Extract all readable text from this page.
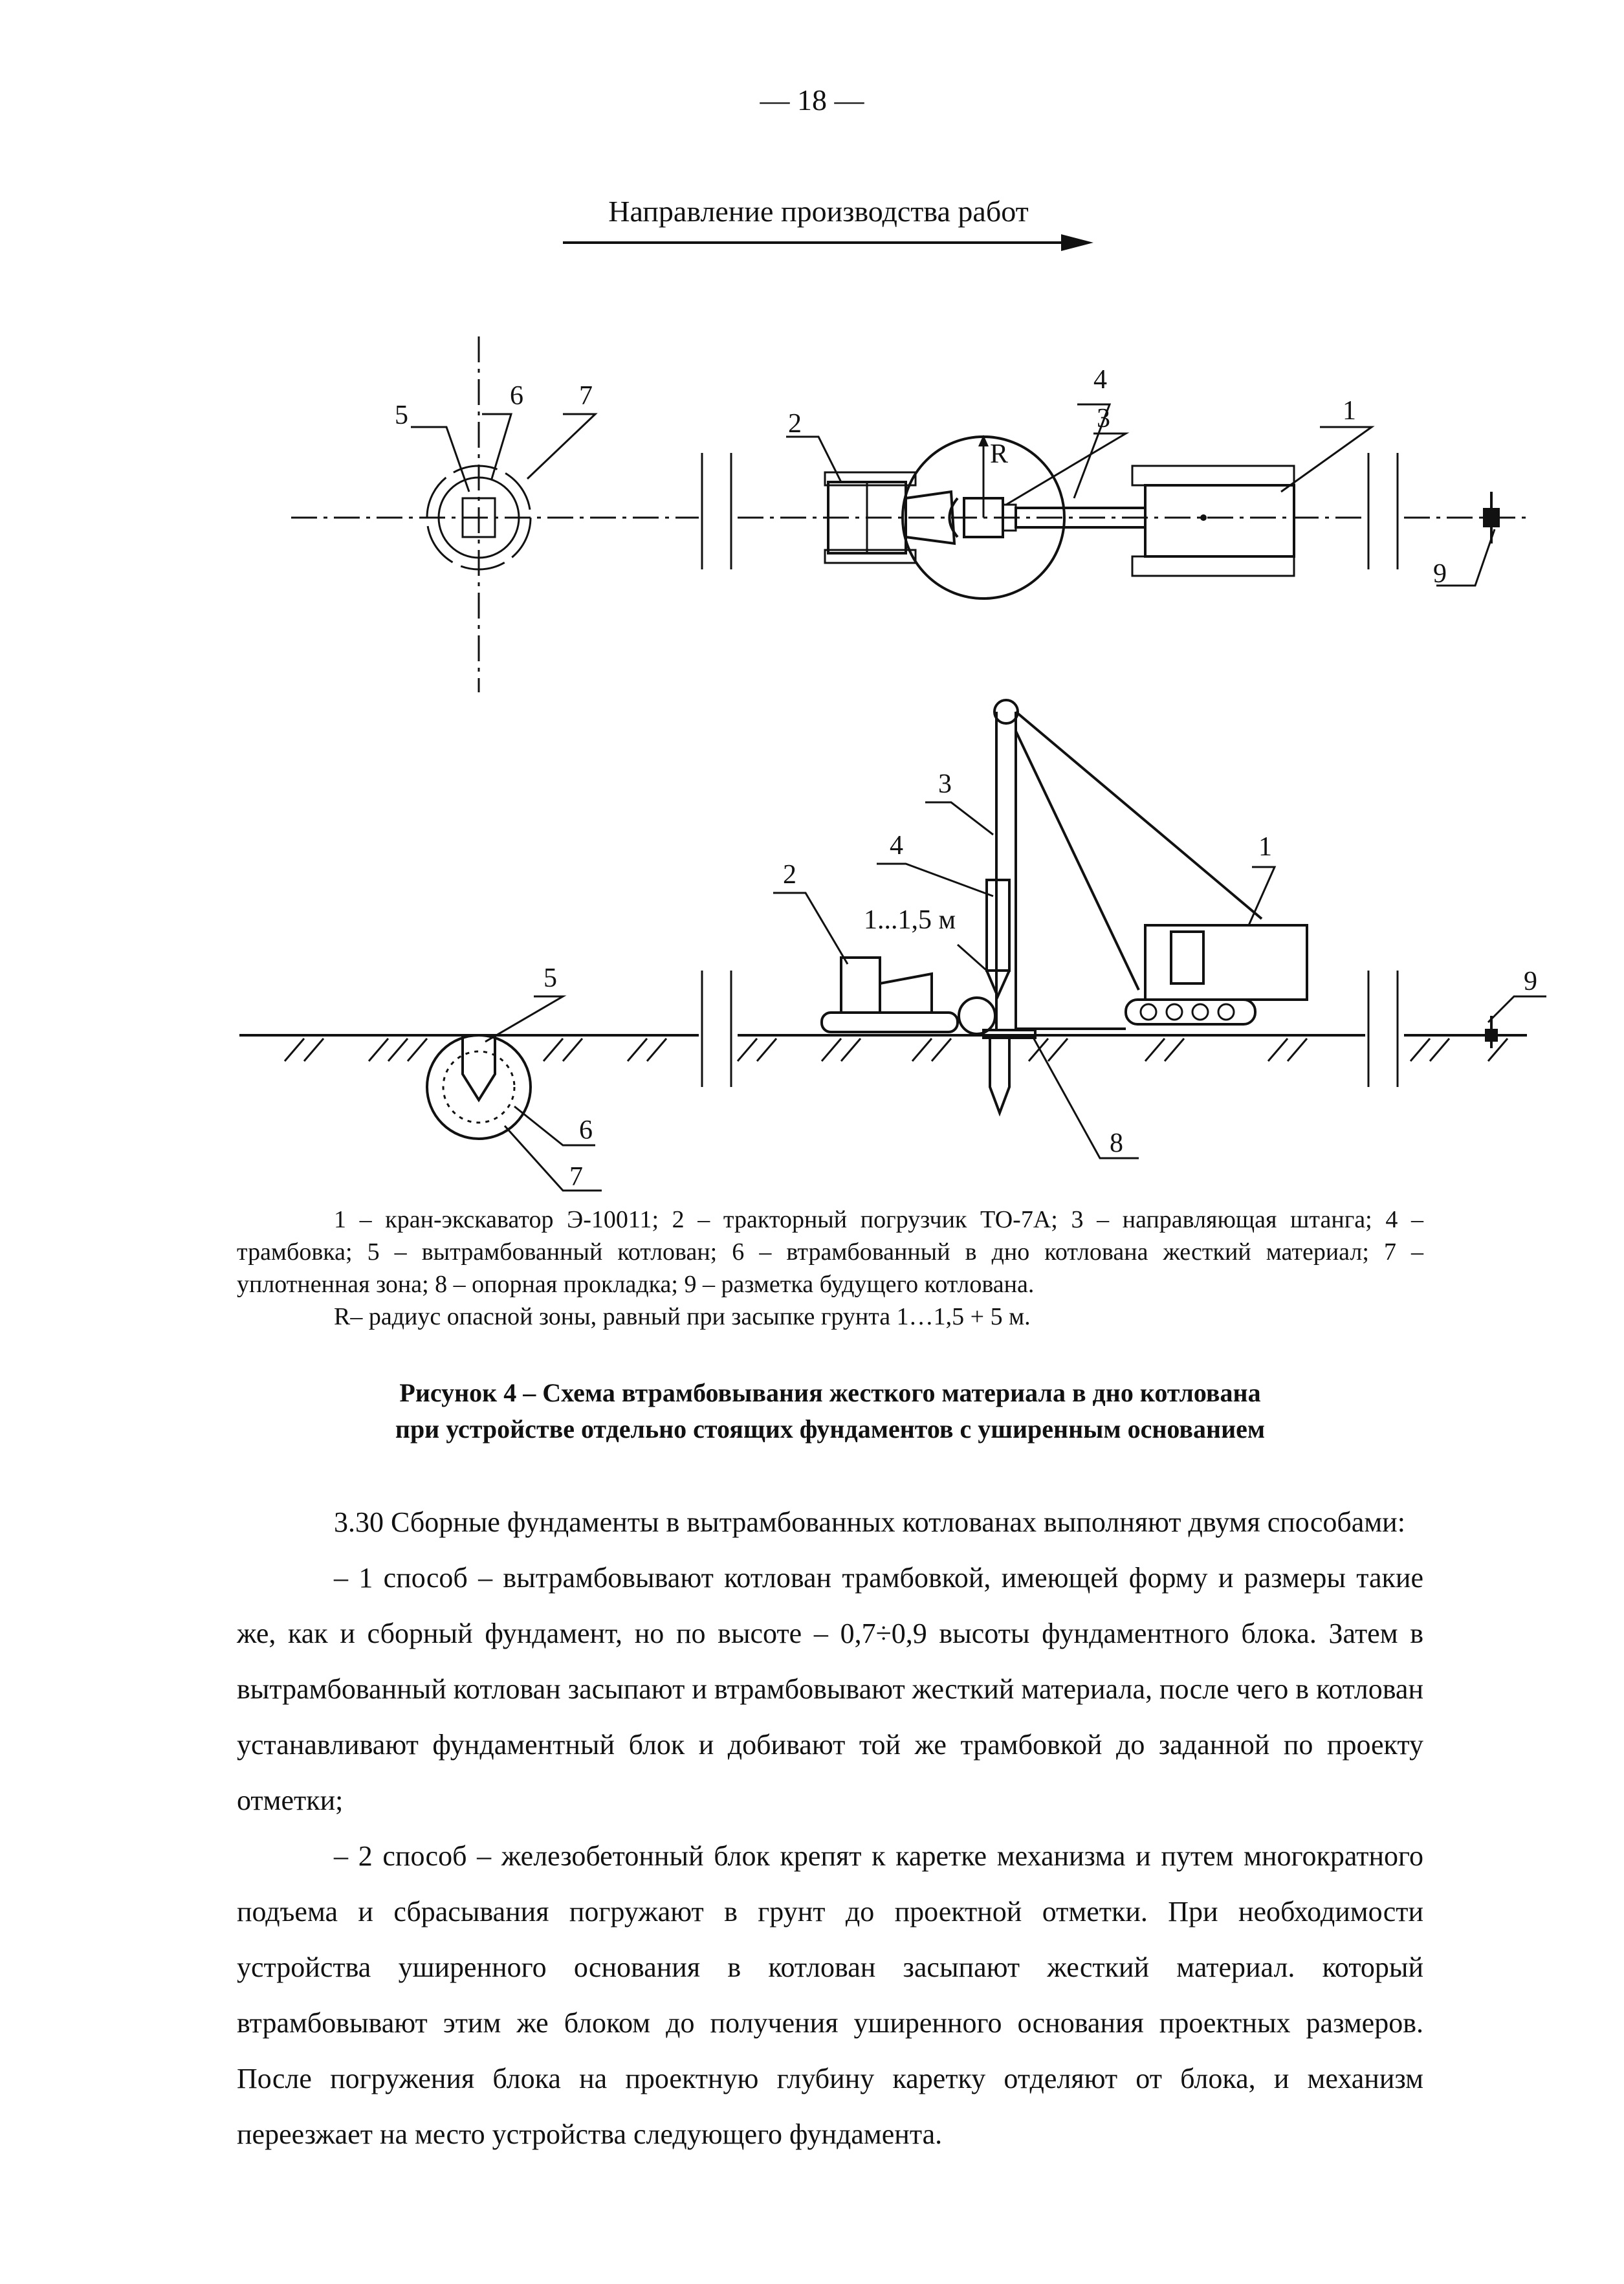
— 18 —
Направление производства работ
5
6 7
2
4
3	1
9
R
3
4
2
1
5
6
7
8
9
1...1,5 м

1 – кран-экскаватор Э-10011; 2 – тракторный погрузчик ТО-7А; 3 – направляющая штанга; 4 – трамбовка; 5 – вытрамбованный котлован; 6 – втрамбованный в дно котлована жесткий материал; 7 –уплотненная зона; 8 – опорная прокладка; 9 – разметка будущего котлована.

R– радиус опасной зоны, равный при засыпке грунта 1…1,5 + 5 м.

Рисунок 4 – Схема втрамбовывания жесткого материала в дно котлована
при устройстве отдельно стоящих фундаментов с уширенным основанием

3.30 Сборные фундаменты в вытрамбованных котлованах выполняют двумя способами:

– 1 способ – вытрамбовывают котлован трамбовкой, имеющей форму и размеры такие же, как и сборный фундамент, но по высоте – 0,7÷0,9 высоты фундаментного блока. Затем в вытрамбованный котлован засыпают и втрамбовывают жесткий материала, после чего в котлован устанавливают фундаментный блок и добивают той же трамбовкой до заданной по проекту отметки;

– 2 способ – железобетонный блок крепят к каретке механизма и путем многократного подъема и сбрасывания погружают в грунт до проектной отметки. При необходимости устройства уширенного основания в котлован засыпают жесткий материал. который втрамбовывают этим же блоком до получения уширенного основания проектных размеров. После погружения блока на проектную глубину каретку отделяют от блока, и механизм переезжает на место устройства следующего фундамента.
